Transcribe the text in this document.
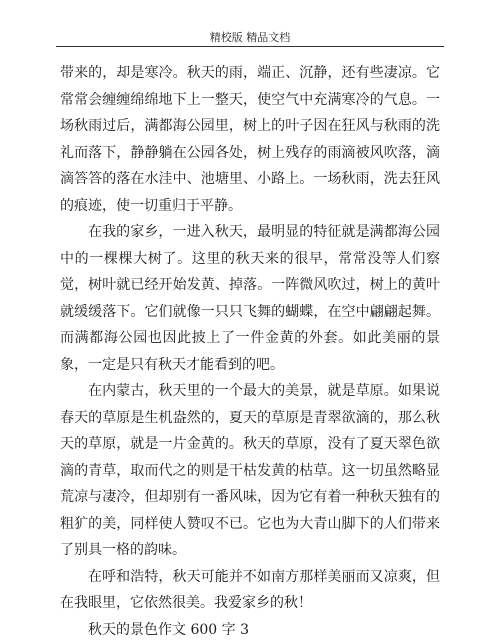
精校版 精品文档

带来的，却是寒冷。秋天的雨，端正、沉静，还有些凄凉。它常常会缠缠绵绵地下上一整天，使空气中充满寒冷的气息。一场秋雨过后，满都海公园里，树上的叶子因在狂风与秋雨的洗礼而落下，静静躺在公园各处，树上残存的雨滴被风吹落，滴滴答答的落在水洼中、池塘里、小路上。一场秋雨，洗去狂风的痕迹，使一切重归于平静。

在我的家乡，一进入秋天，最明显的特征就是满都海公园中的一棵棵大树了。这里的秋天来的很早，常常没等人们察觉，树叶就已经开始发黄、掉落。一阵微风吹过，树上的黄叶就缓缓落下。它们就像一只只飞舞的蝴蝶，在空中翩翩起舞。而满都海公园也因此披上了一件金黄的外套。如此美丽的景象，一定是只有秋天才能看到的吧。

在内蒙古，秋天里的一个最大的美景，就是草原。如果说春天的草原是生机盎然的，夏天的草原是青翠欲滴的，那么秋天的草原，就是一片金黄的。秋天的草原，没有了夏天翠色欲滴的青草，取而代之的则是干枯发黄的枯草。这一切虽然略显荒凉与凄冷，但却别有一番风味，因为它有着一种秋天独有的粗犷的美，同样使人赞叹不已。它也为大青山脚下的人们带来了别具一格的韵味。

在呼和浩特，秋天可能并不如南方那样美丽而又凉爽，但在我眼里，它依然很美。我爱家乡的秋！

秋天的景色作文 600 字 3
